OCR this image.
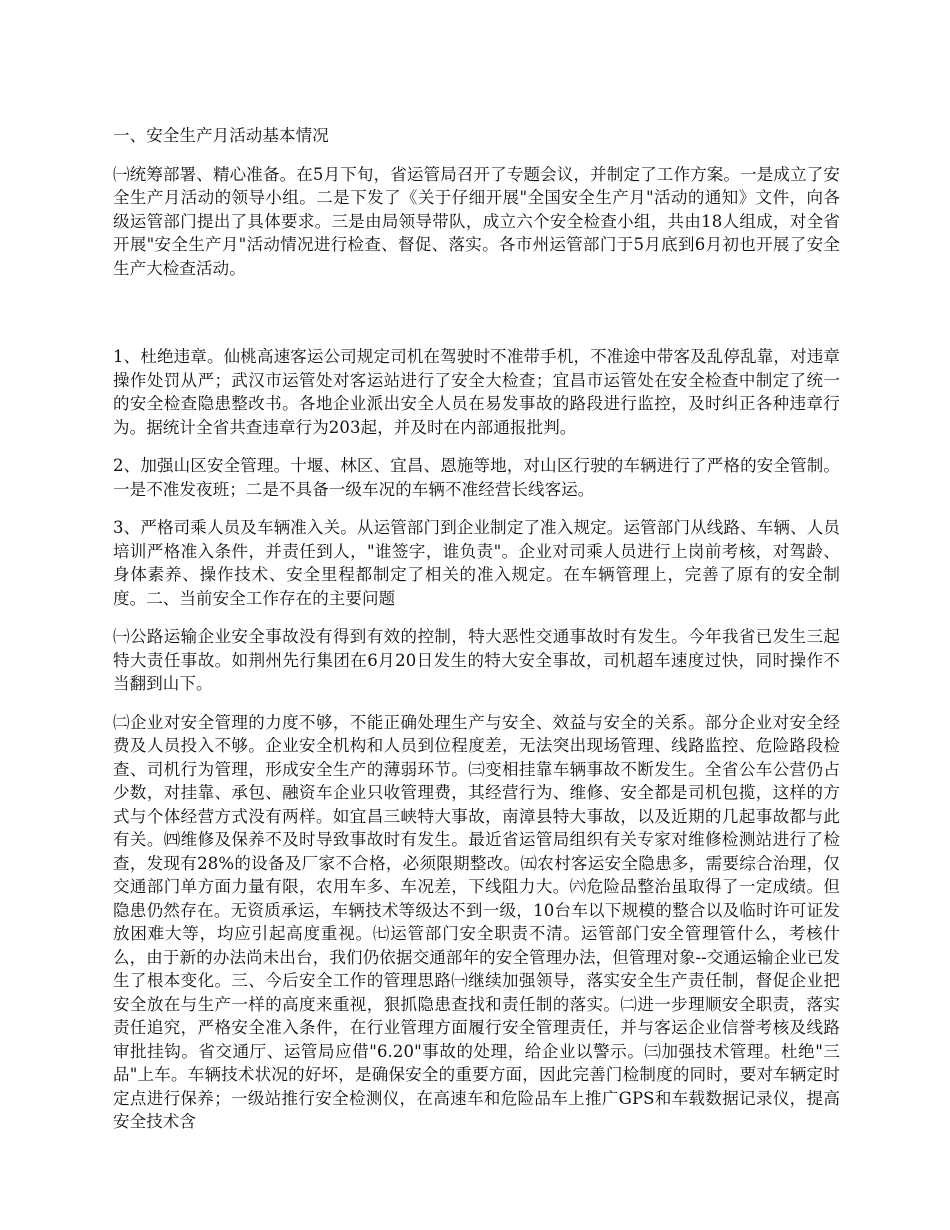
一、安全生产月活动基本情况

㈠统筹部署、精心准备。在5月下旬，省运管局召开了专题会议，并制定了工作方案。一是成立了安全生产月活动的领导小组。二是下发了《关于仔细开展"全国安全生产月"活动的通知》文件，向各级运管部门提出了具体要求。三是由局领导带队，成立六个安全检查小组，共由18人组成，对全省开展"安全生产月"活动情况进行检查、督促、落实。各市州运管部门于5月底到6月初也开展了安全生产大检查活动。

1、杜绝违章。仙桃高速客运公司规定司机在驾驶时不准带手机，不准途中带客及乱停乱靠，对违章操作处罚从严；武汉市运管处对客运站进行了安全大检查；宜昌市运管处在安全检查中制定了统一的安全检查隐患整改书。各地企业派出安全人员在易发事故的路段进行监控，及时纠正各种违章行为。据统计全省共查违章行为203起，并及时在内部通报批判。

2、加强山区安全管理。十堰、林区、宜昌、恩施等地，对山区行驶的车辆进行了严格的安全管制。一是不准发夜班；二是不具备一级车况的车辆不准经营长线客运。

3、严格司乘人员及车辆准入关。从运管部门到企业制定了准入规定。运管部门从线路、车辆、人员培训严格准入条件，并责任到人，"谁签字，谁负责"。企业对司乘人员进行上岗前考核，对驾龄、身体素养、操作技术、安全里程都制定了相关的准入规定。在车辆管理上，完善了原有的安全制度。二、当前安全工作存在的主要问题

㈠公路运输企业安全事故没有得到有效的控制，特大恶性交通事故时有发生。今年我省已发生三起特大责任事故。如荆州先行集团在6月20日发生的特大安全事故，司机超车速度过快，同时操作不当翻到山下。

㈡企业对安全管理的力度不够，不能正确处理生产与安全、效益与安全的关系。部分企业对安全经费及人员投入不够。企业安全机构和人员到位程度差，无法突出现场管理、线路监控、危险路段检查、司机行为管理，形成安全生产的薄弱环节。㈢变相挂靠车辆事故不断发生。全省公车公营仍占少数，对挂靠、承包、融资车企业只收管理费，其经营行为、维修、安全都是司机包揽，这样的方式与个体经营方式没有两样。如宜昌三峡特大事故，南漳县特大事故，以及近期的几起事故都与此有关。㈣维修及保养不及时导致事故时有发生。最近省运管局组织有关专家对维修检测站进行了检查，发现有28%的设备及厂家不合格，必须限期整改。㈤农村客运安全隐患多，需要综合治理，仅交通部门单方面力量有限，农用车多、车况差，下线阻力大。㈥危险品整治虽取得了一定成绩。但隐患仍然存在。无资质承运，车辆技术等级达不到一级，10台车以下规模的整合以及临时许可证发放困难大等，均应引起高度重视。㈦运管部门安全职责不清。运管部门安全管理管什么，考核什么，由于新的办法尚未出台，我们仍依据交通部年的安全管理办法，但管理对象--交通运输企业已发生了根本变化。三、今后安全工作的管理思路㈠继续加强领导，落实安全生产责任制，督促企业把安全放在与生产一样的高度来重视，狠抓隐患查找和责任制的落实。㈡进一步理顺安全职责，落实责任追究，严格安全准入条件，在行业管理方面履行安全管理责任，并与客运企业信誉考核及线路审批挂钩。省交通厅、运管局应借"6.20"事故的处理，给企业以警示。㈢加强技术管理。杜绝"三品"上车。车辆技术状况的好坏，是确保安全的重要方面，因此完善门检制度的同时，要对车辆定时定点进行保养；一级站推行安全检测仪，在高速车和危险品车上推广GPS和车载数据记录仪，提高安全技术含
